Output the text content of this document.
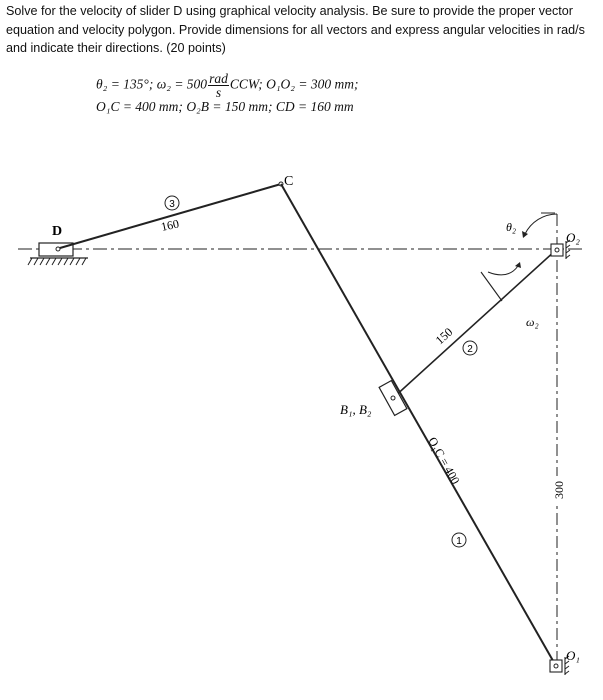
Solve for the velocity of slider D using graphical velocity analysis. Be sure to provide the proper vector equation and velocity polygon. Provide dimensions for all vectors and express angular velocities in rad/s and indicate their directions. (20 points)

θ₂ = 135°; $\omega_2 = 500 \frac{\text{rad}}{s}$ CCW; O₁O₂ = 300 mm;
O₁C = 400 mm; O₂B = 150 mm; CD = 160 mm
D
C
3
160
B₁, B₂
O₂
O₁
θ₂
ω₂
150
2
O₁C = 400
1
300
